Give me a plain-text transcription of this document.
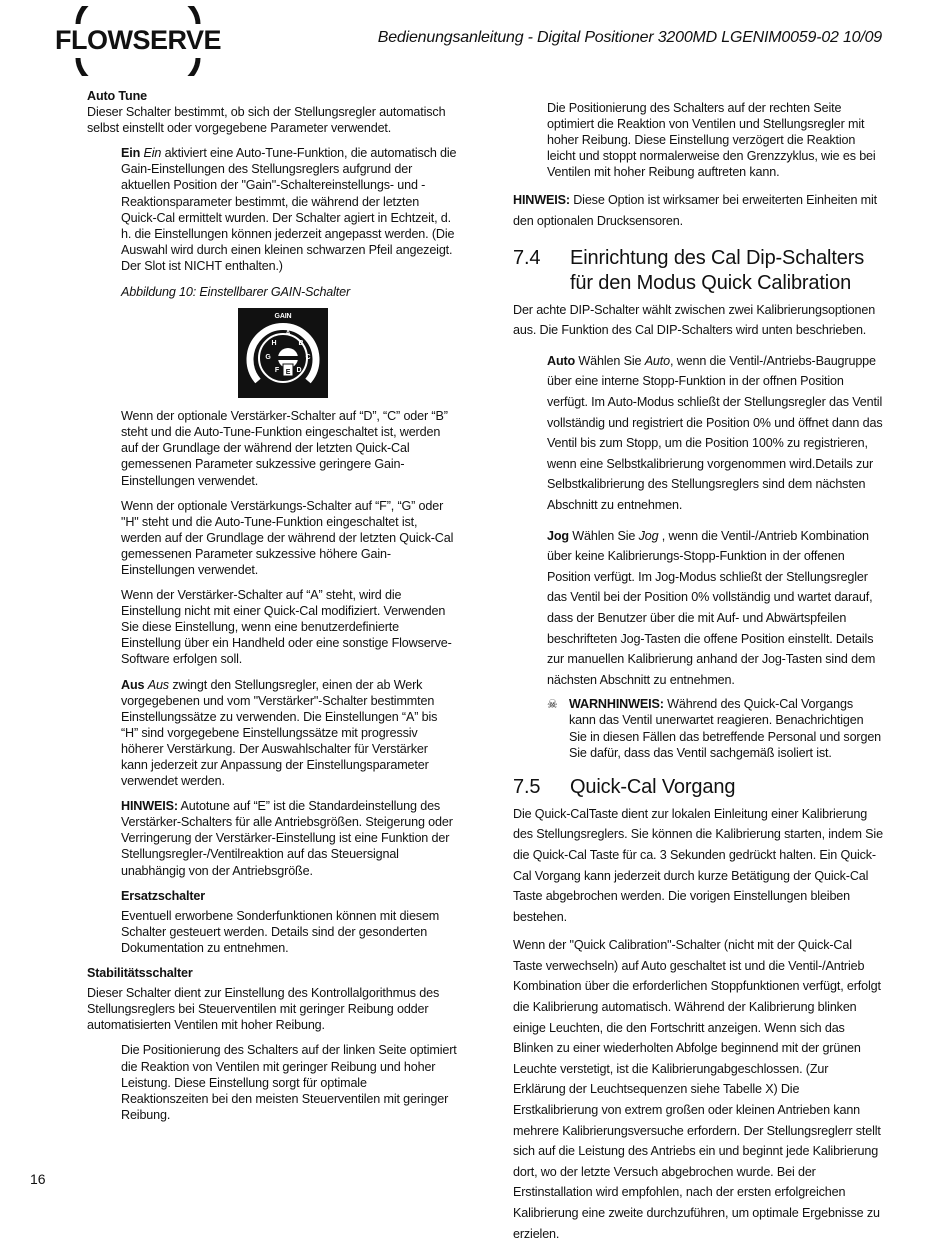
FLOWSERVE	Bedienungsanleitung - Digital Positioner 3200MD LGENIM0059-02 10/09

Auto Tune

Dieser Schalter bestimmt, ob sich der Stellungsregler automatisch selbst einstellt oder vorgegebene Parameter verwendet.

Ein Ein aktiviert eine Auto-Tune-Funktion, die automatisch die Gain-Einstellungen des Stellungsreglers aufgrund der aktuellen Position der "Gain"-Schaltereinstellungs- und -Reaktionsparameter bestimmt, die während der letzten Quick-Cal ermittelt wurden. Der Schalter agiert in Echtzeit, d. h. die Einstellungen können jederzeit angepasst werden. (Die Auswahl wird durch einen kleinen schwarzen Pfeil angezeigt. Der Slot ist NICHT enthalten.)

Abbildung 10: Einstellbarer GAIN-Schalter

GAIN
A
B
C
D
F
G
H
E

Wenn der optionale Verstärker-Schalter auf “D”, “C” oder “B” steht und die Auto-Tune-Funktion eingeschaltet ist, werden auf der Grundlage der während der letzten Quick-Cal gemessenen Parameter sukzessive geringere Gain-Einstellungen verwendet.

Wenn der optionale Verstärkungs-Schalter auf “F”, “G” oder "H" steht und die Auto-Tune-Funktion eingeschaltet ist, werden auf der Grundlage der während der letzten Quick-Cal gemessenen Parameter sukzessive höhere Gain-Einstellungen verwendet.

Wenn der Verstärker-Schalter auf “A” steht, wird die Einstellung nicht mit einer Quick-Cal modifiziert. Verwenden Sie diese Einstellung, wenn eine benutzerdefinierte Einstellung über ein Handheld oder eine sonstige Flowserve-Software erfolgen soll.

Aus Aus zwingt den Stellungsregler, einen der ab Werk vorgegebenen und vom "Verstärker"-Schalter bestimmten Einstellungssätze zu verwenden. Die Einstellungen “A” bis “H” sind vorgegebene Einstellungssätze mit progressiv höherer Verstärkung. Der Auswahlschalter für Verstärker kann jederzeit zur Anpassung der Einstellungsparameter verwendet werden.

HINWEIS: Autotune auf “E” ist die Standardeinstellung des Verstärker-Schalters für alle Antriebsgrößen. Steigerung oder Verringerung der Verstärker-Einstellung ist eine Funktion der Stellungsregler-/Ventilreaktion auf das Steuersignal unabhängig von der Antriebsgröße.

Ersatzschalter

Eventuell erworbene Sonderfunktionen können mit diesem Schalter gesteuert werden. Details sind der gesonderten Dokumentation zu entnehmen.

Stabilitätsschalter

Dieser Schalter dient zur Einstellung des Kontrollalgorithmus des Stellungsreglers bei Steuerventilen mit geringer Reibung odder automatisierten Ventilen mit hoher Reibung.

Die Positionierung des Schalters auf der linken Seite optimiert die Reaktion von Ventilen mit geringer Reibung und hoher Leistung. Diese Einstellung sorgt für optimale Reaktionszeiten bei den meisten Steuerventilen mit geringer Reibung.

Die Positionierung des Schalters auf der rechten Seite optimiert die Reaktion von Ventilen und Stellungsregler mit hoher Reibung. Diese Einstellung verzögert die Reaktion leicht und stoppt normalerweise den Grenzzyklus, wie es bei Ventilen mit hoher Reibung auftreten kann.

HINWEIS: Diese Option ist wirksamer bei erweiterten Einheiten mit den optionalen Drucksensoren.

7.4	Einrichtung des Cal Dip-Schalters für den Modus Quick Calibration

Der achte DIP-Schalter wählt zwischen zwei Kalibrierungsoptionen aus. Die Funktion des Cal DIP-Schalters wird unten beschrieben.

Auto Wählen Sie Auto, wenn die Ventil-/Antriebs-Baugruppe über eine interne Stopp-Funktion in der offnen Position verfügt. Im Auto-Modus schließt der Stellungsregler das Ventil vollständig und registriert die Position 0% und öffnet dann das Ventil bis zum Stopp, um die Position 100% zu registrieren, wenn eine Selbstkalibrierung vorgenommen wird.Details zur Selbstkalibrierung des Stellungsreglers sind dem nächsten Abschnitt zu entnehmen.

Jog Wählen Sie Jog , wenn die Ventil-/Antrieb Kombination über keine Kalibrierungs-Stopp-Funktion in der offenen Position verfügt. Im Jog-Modus schließt der Stellungsregler das Ventil bei der Position 0% vollständig und wartet darauf, dass der Benutzer über die mit Auf- und Abwärtspfeilen beschrifteten Jog-Tasten die offene Position einstellt. Details zur manuellen Kalibrierung anhand der Jog-Tasten sind dem nächsten Abschnitt zu entnehmen.

☠ WARNHINWEIS: Während des Quick-Cal Vorgangs kann das Ventil unerwartet reagieren. Benachrichtigen Sie in diesen Fällen das betreffende Personal und sorgen Sie dafür, dass das Ventil sachgemäß isoliert ist.

7.5	Quick-Cal Vorgang

Die Quick-CalTaste dient zur lokalen Einleitung einer Kalibrierung des Stellungsreglers. Sie können die Kalibrierung starten, indem Sie die Quick-Cal Taste für ca. 3 Sekunden gedrückt halten. Ein Quick-Cal Vorgang kann jederzeit durch kurze Betätigung der Quick-Cal Taste abgebrochen werden. Die vorigen Einstellungen bleiben bestehen.

Wenn der "Quick Calibration"-Schalter (nicht mit der Quick-Cal Taste verwechseln) auf Auto geschaltet ist und die Ventil-/Antrieb Kombination über die erforderlichen Stoppfunktionen verfügt, erfolgt die Kalibrierung automatisch. Während der Kalibrierung blinken einige Leuchten, die den Fortschritt anzeigen. Wenn sich das Blinken zu einer wiederholten Abfolge beginnend mit der grünen Leuchte verstetigt, ist die Kalibrierungabgeschlossen. (Zur Erklärung der Leuchtsequenzen siehe Tabelle X) Die Erstkalibrierung von extrem großen oder kleinen Antrieben kann mehrere Kalibrierungsversuche erfordern. Der Stellungsreglerr stellt sich auf die Leistung des Antriebs ein und beginnt jede Kalibrierung dort, wo der letzte Versuch abgebrochen wurde. Bei der Erstinstallation wird empfohlen, nach der ersten erfolgreichen Kalibrierung eine zweite durchzuführen, um optimale Ergebnisse zu erzielen.

16
